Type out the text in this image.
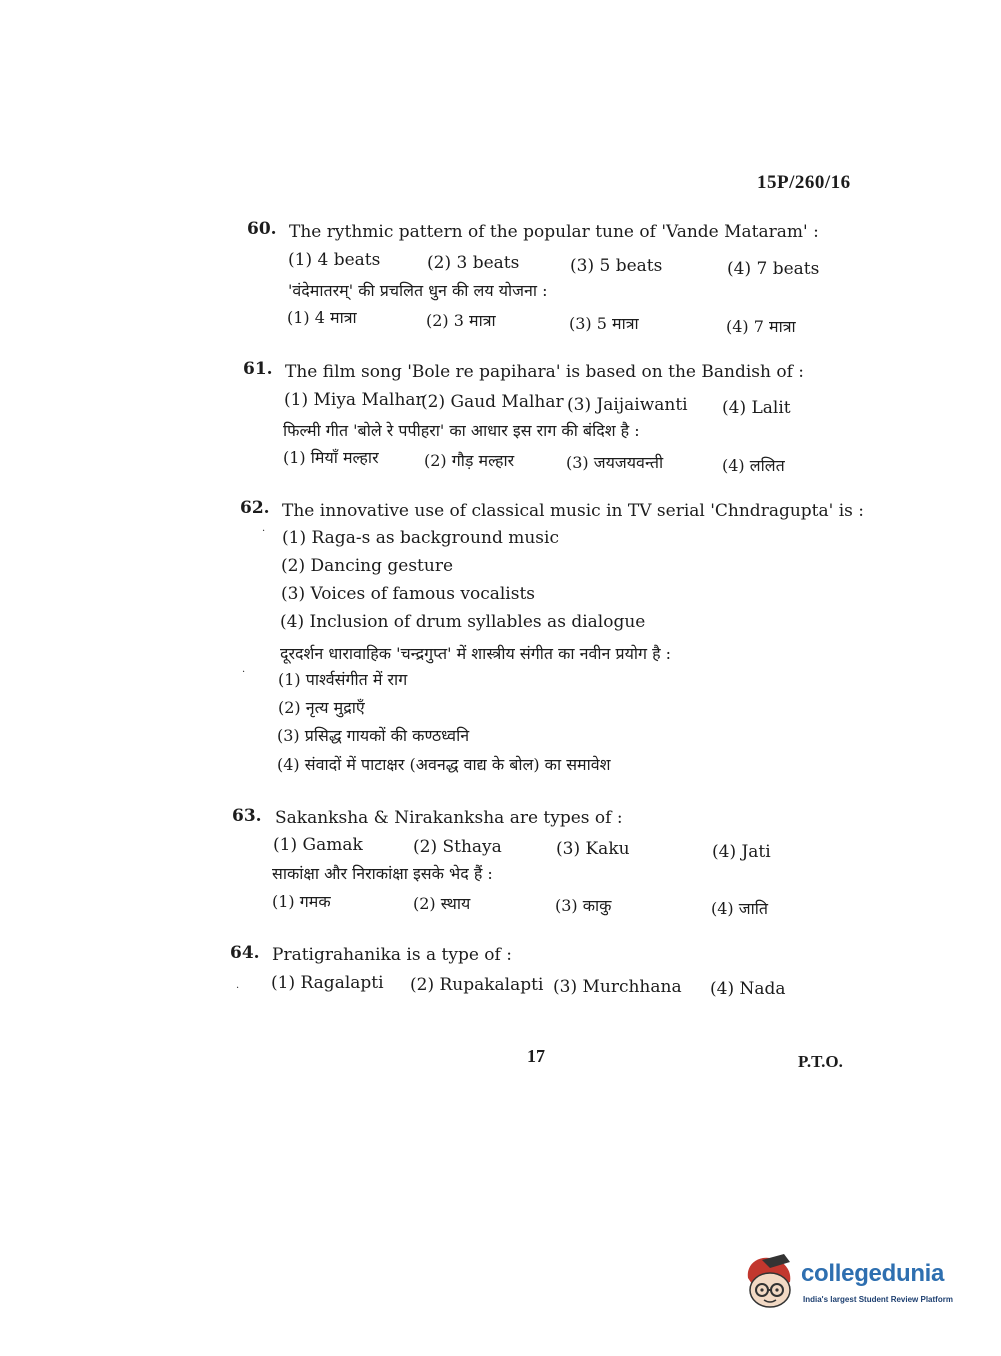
15P/260/16
60. The rythmic pattern of the popular tune of 'Vande Mataram' :
(1) 4 beats	(2) 3 beats	(3) 5 beats	(4) 7 beats
'वंदेमातरम्' की प्रचलित धुन की लय योजना :
(1) 4 मात्रा	(2) 3 मात्रा	(3) 5 मात्रा	(4) 7 मात्रा
61. The film song 'Bole re papihara' is based on the Bandish of :
(1) Miya Malhar
(2) Gaud Malhar (3) Jaijaiwanti (4) Lalit
फिल्मी गीत 'बोले रे पपीहरा' का आधार इस राग की बंदिश है :
(1) मियाँ मल्हार	(2) गौड़ मल्हार	(3) जयजयवन्ती	(4) ललित
62. The innovative use of classical music in TV serial 'Chndragupta' is :
· (1) Raga-s as background music
(2) Dancing gesture
(3) Voices of famous vocalists
(4) Inclusion of drum syllables as dialogue
दूरदर्शन धारावाहिक 'चन्द्रगुप्त' में शास्त्रीय संगीत का नवीन प्रयोग है :
· (1) पार्श्वसंगीत में राग
(2) नृत्य मुद्राएँ
(3) प्रसिद्ध गायकों की कण्ठध्वनि
(4) संवादों में पाटाक्षर (अवनद्ध वाद्य के बोल) का समावेश
63. Sakanksha & Nirakanksha are types of :
(1) Gamak	(2) Sthaya	(3) Kaku	(4) Jati
साकांक्षा और निराकांक्षा इसके भेद हैं :
(1) गमक	(2) स्थाय	(3) काकु	(4) जाति
64. Pratigrahanika is a type of :
· (1) Ragalapti (2) Rupakalapti (3) Murchhana (4) Nada
17	P.T.O.
collegedunia
India's largest Student Review Platform
